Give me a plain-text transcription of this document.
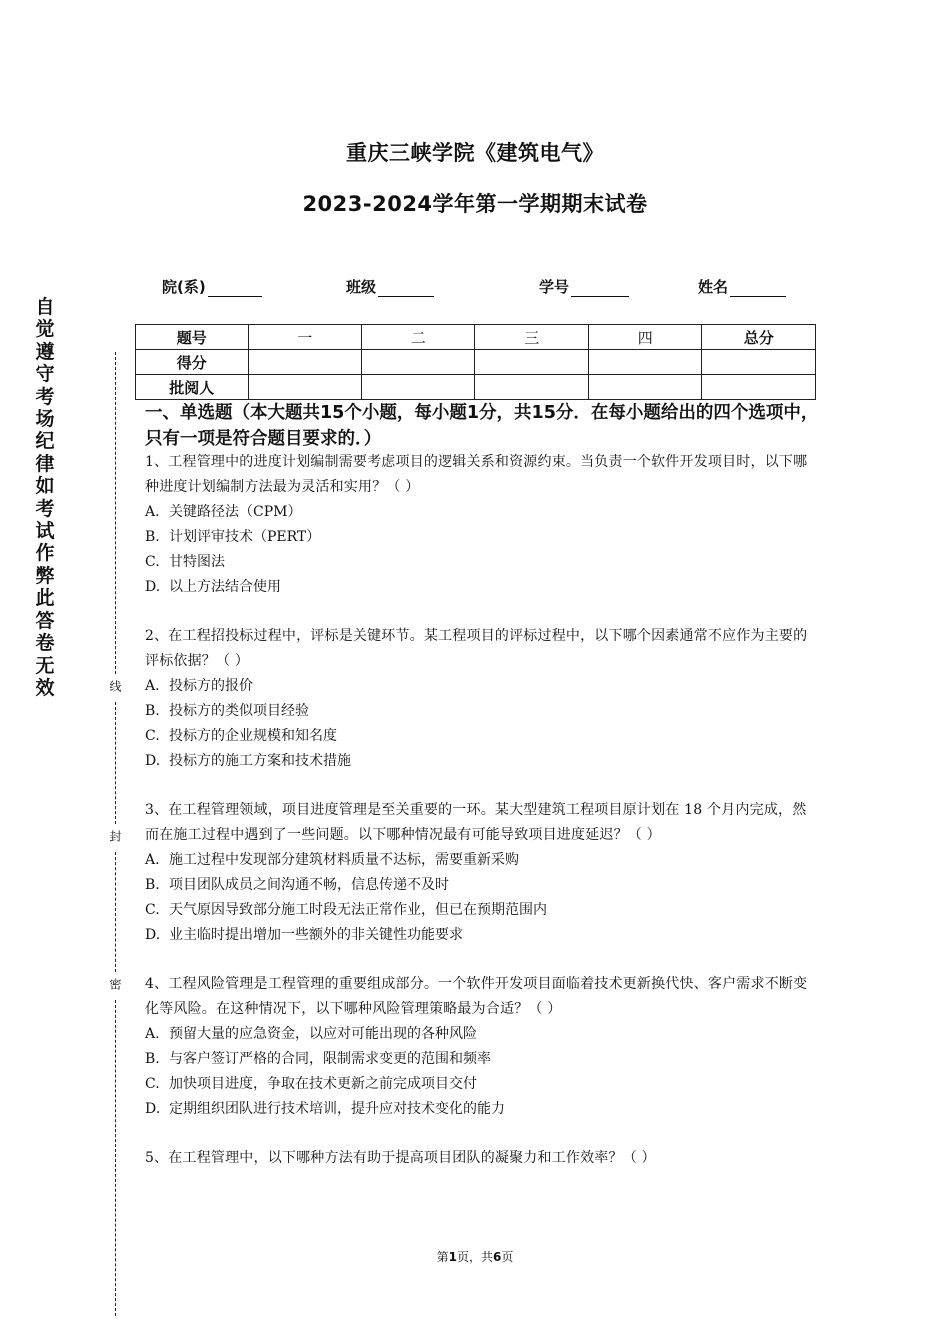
重庆三峡学院《建筑电气》
2023-2024学年第一学期期末试卷
院(系)	班级	学号	姓名
题号	一	二	三	四	总分
得分					
批阅人					
一、单选题（本大题共15个小题，每小题1分，共15分．在每小题给出的四个选项中，只有一项是符合题目要求的．）

1、工程管理中的进度计划编制需要考虑项目的逻辑关系和资源约束。当负责一个软件开发项目时，以下哪种进度计划编制方法最为灵活和实用？（ ）

A. 关键路径法（CPM）

B. 计划评审技术（PERT）

C. 甘特图法

D. 以上方法结合使用

2、在工程招投标过程中，评标是关键环节。某工程项目的评标过程中，以下哪个因素通常不应作为主要的评标依据？（ ）

A. 投标方的报价

B. 投标方的类似项目经验

C. 投标方的企业规模和知名度

D. 投标方的施工方案和技术措施

3、在工程管理领域，项目进度管理是至关重要的一环。某大型建筑工程项目原计划在 18 个月内完成，然而在施工过程中遇到了一些问题。以下哪种情况最有可能导致项目进度延迟？（ ）

A. 施工过程中发现部分建筑材料质量不达标，需要重新采购

B. 项目团队成员之间沟通不畅，信息传递不及时

C. 天气原因导致部分施工时段无法正常作业，但已在预期范围内

D. 业主临时提出增加一些额外的非关键性功能要求

4、工程风险管理是工程管理的重要组成部分。一个软件开发项目面临着技术更新换代快、客户需求不断变化等风险。在这种情况下，以下哪种风险管理策略最为合适？（ ）

A. 预留大量的应急资金，以应对可能出现的各种风险

B. 与客户签订严格的合同，限制需求变更的范围和频率

C. 加快项目进度，争取在技术更新之前完成项目交付

D. 定期组织团队进行技术培训，提升应对技术变化的能力

5、在工程管理中，以下哪种方法有助于提高项目团队的凝聚力和工作效率？（ ）

自觉遵守考场纪律如考试作弊此答卷无效	线
封
密
第1页，共6页
